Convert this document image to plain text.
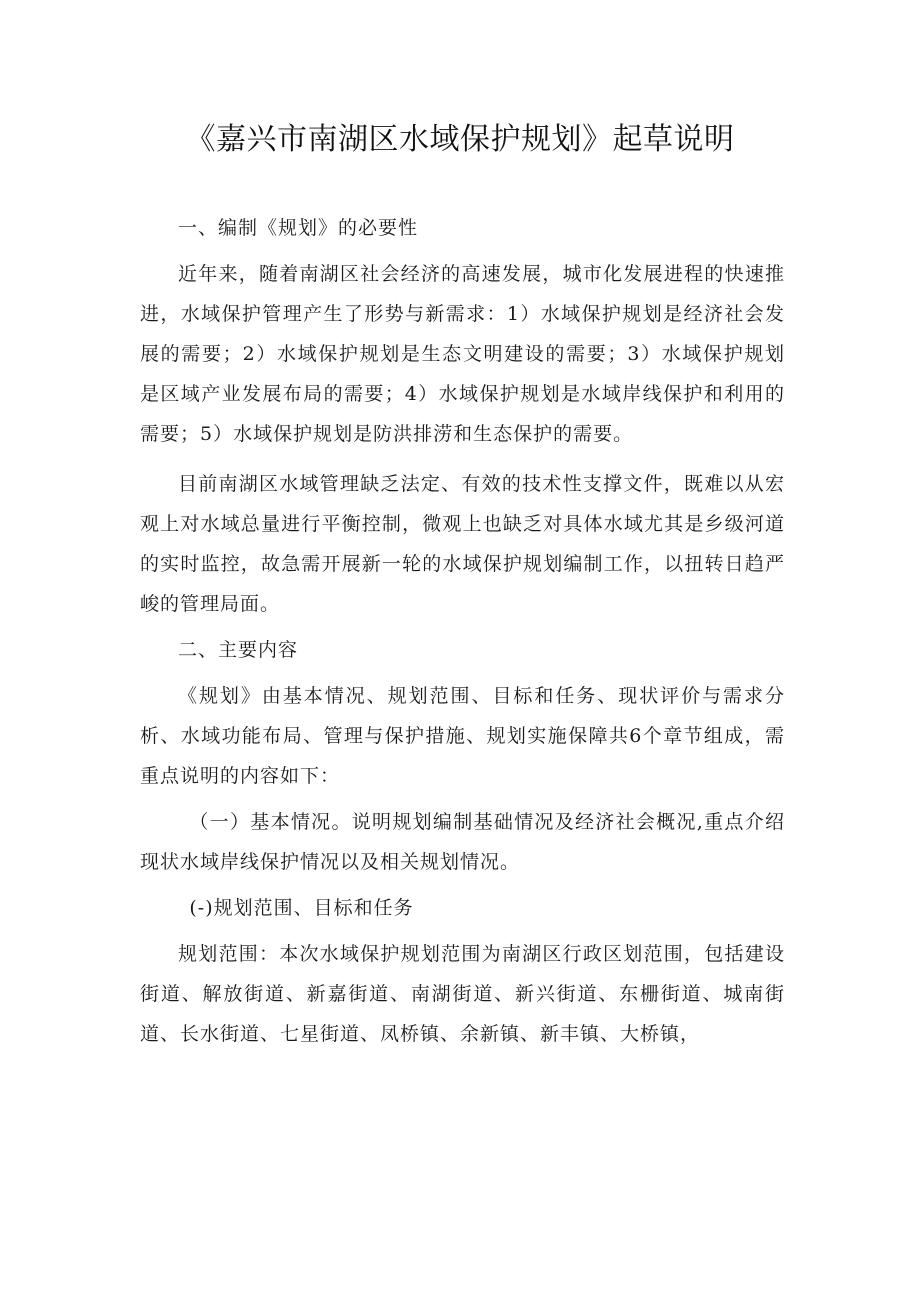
《嘉兴市南湖区水域保护规划》起草说明

一、编制《规划》的必要性

近年来，随着南湖区社会经济的高速发展，城市化发展进程的快速推进，水域保护管理产生了形势与新需求：1）水域保护规划是经济社会发展的需要；2）水域保护规划是生态文明建设的需要；3）水域保护规划是区域产业发展布局的需要；4）水域保护规划是水域岸线保护和利用的需要；5）水域保护规划是防洪排涝和生态保护的需要。

目前南湖区水域管理缺乏法定、有效的技术性支撑文件，既难以从宏观上对水域总量进行平衡控制，微观上也缺乏对具体水域尤其是乡级河道的实时监控，故急需开展新一轮的水域保护规划编制工作，以扭转日趋严峻的管理局面。

二、主要内容

《规划》由基本情况、规划范围、目标和任务、现状评价与需求分析、水域功能布局、管理与保护措施、规划实施保障共6个章节组成，需重点说明的内容如下：

（一）基本情况。说明规划编制基础情况及经济社会概况,重点介绍现状水域岸线保护情况以及相关规划情况。

(-)规划范围、目标和任务

规划范围：本次水域保护规划范围为南湖区行政区划范围，包括建设街道、解放街道、新嘉街道、南湖街道、新兴街道、东栅街道、城南街道、长水街道、七星街道、凤桥镇、余新镇、新丰镇、大桥镇，
